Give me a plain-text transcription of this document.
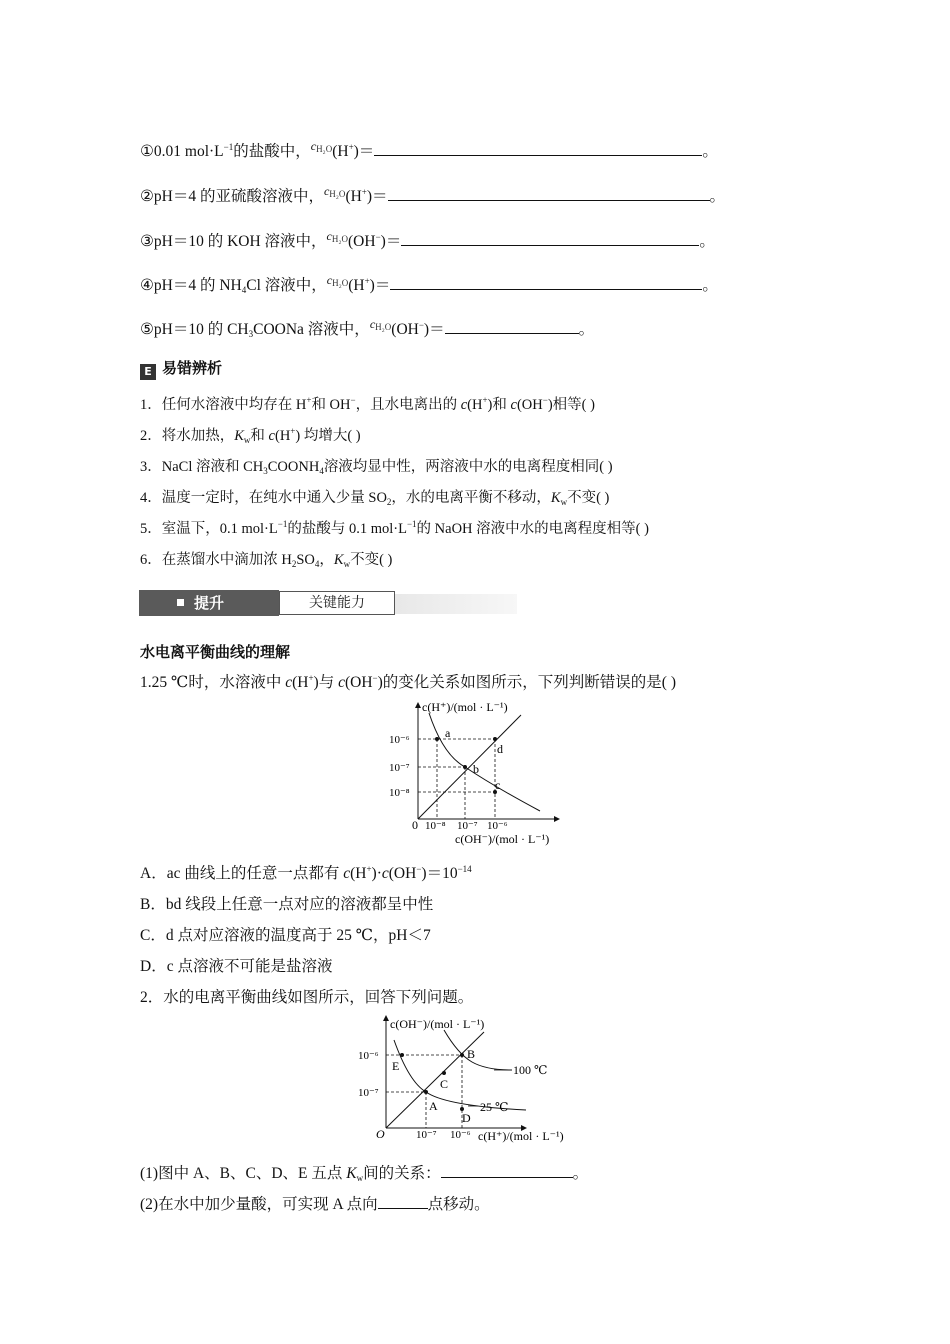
①0.01 $mol\cdot L^{-1}$的盐酸中，$^{cH_2O}$(H+)＝	。
②pH＝4 的亚硫酸溶液中，$^{cH_2O}$(H+)＝	。
③pH＝10 的 KOH 溶液中，$^{cH_2O}$(OH−)＝	。
④pH＝4 的 $NH_4Cl$ 溶液中，$^{cH_2O}$(H+)＝	。
⑤pH＝10 的 $CH_3COONa$ 溶液中，$^{cH_2O}$(OH−)＝	。
E 易错辨析
1．任何水溶液中均存在 H+和 OH−，且水电离出的 c(H+)和 c(OH−)相等( )
2．将水加热，$K_w$和 c(H+) 均增大( )
3．NaCl 溶液和 $CH_3COONH_4$溶液均显中性，两溶液中水的电离程度相同( )
4．温度一定时，在纯水中通入少量 $SO_2$，水的电离平衡不移动，$K_w$不变( )
5．室温下，0.1 $mol\cdot L^{-1}$的盐酸与 0.1 $mol\cdot L^{-1}$的 NaOH 溶液中水的电离程度相等( )
6．在蒸馏水中滴加浓 $H_2SO_4$，$K_w$不变( )
提升	关键能力
水电离平衡曲线的理解
1.25 ℃时，水溶液中 c(H+)与 c(OH−)的变化关系如图所示，下列判断错误的是( )
c(H⁺)/(mol · L⁻¹)
c(OH⁻)/(mol · L⁻¹)
0
10⁻⁶
10⁻⁷
10⁻⁸
10⁻⁸ 10⁻⁷ 10⁻⁶
a
b
c
d
A．ac 曲线上的任意一点都有 $c(H^+)\cdot c(OH^-)=10^{-14}$
B．bd 线段上任意一点对应的溶液都呈中性
C．d 点对应溶液的温度高于 25 ℃，pH＜7
D．c 点溶液不可能是盐溶液
2．水的电离平衡曲线如图所示，回答下列问题。
c(OH⁻)/(mol · L⁻¹)
c(H⁺)/(mol · L⁻¹)
O
10⁻⁶
10⁻⁷
10⁻⁷ 10⁻⁶
A
B
C
D
E	100 ℃
25 ℃
(1)图中 A、B、C、D、E 五点 $K_w$间的关系：	。
(2)在水中加少量酸，可实现 A 点向	点移动。
